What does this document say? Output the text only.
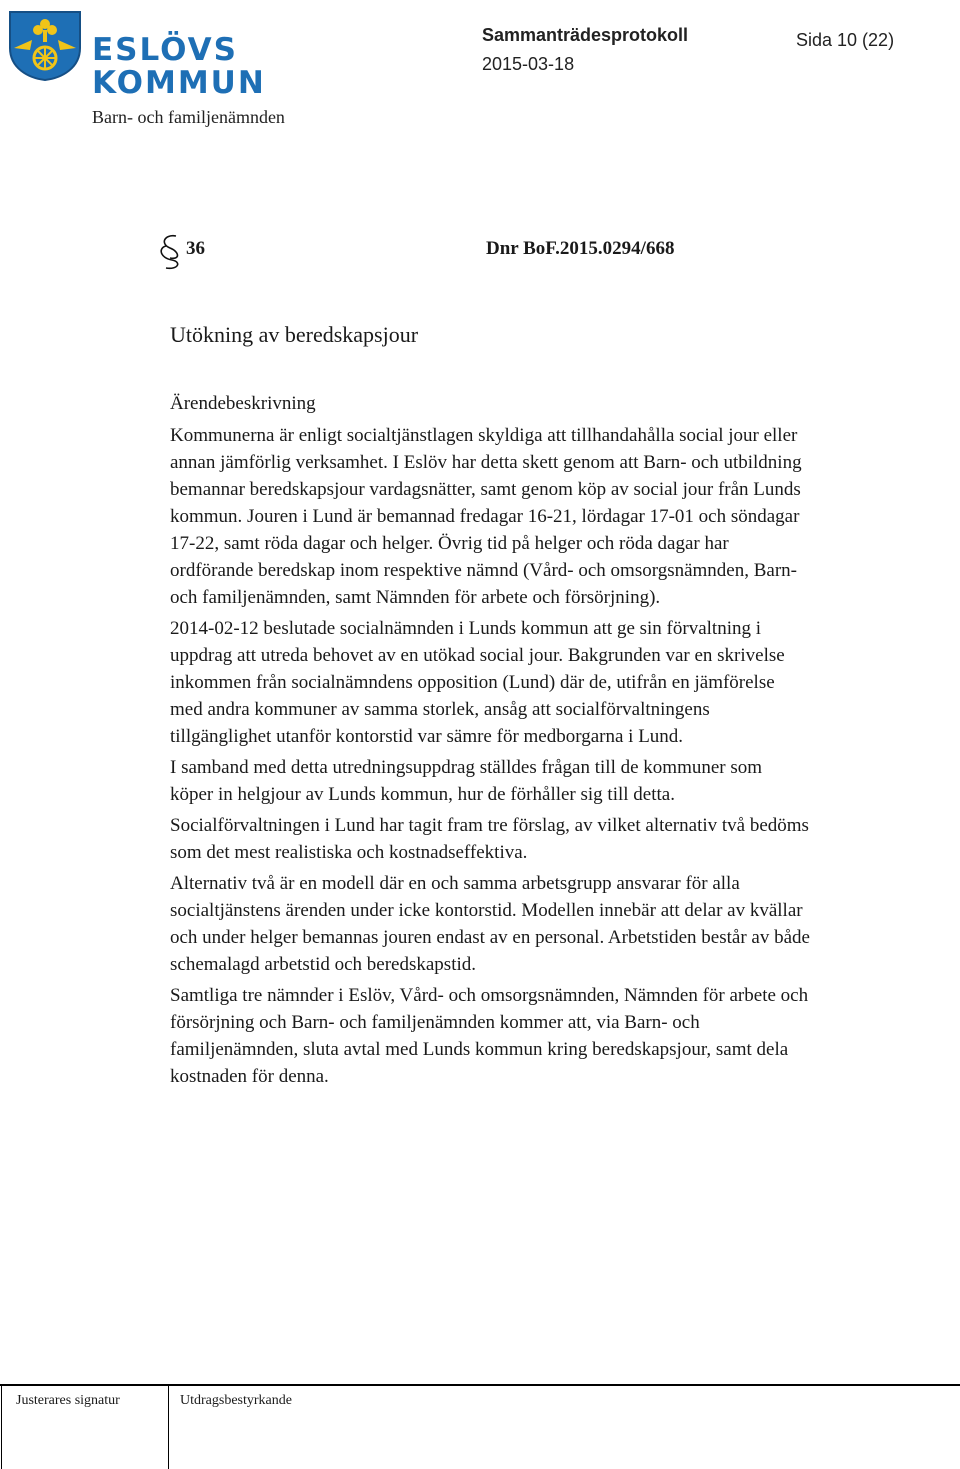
ESLÖVS
KOMMUN
Barn- och familjenämnden
Sammanträdesprotokoll	Sida 10 (22)
2015-03-18
36	Dnr BoF.2015.0294/668
Utökning av beredskapsjour
Ärendebeskrivning

Kommunerna är enligt socialtjänstlagen skyldiga att tillhandahålla social jour eller annan jämförlig verksamhet. I Eslöv har detta skett genom att Barn- och utbildning bemannar beredskapsjour vardagsnätter, samt genom köp av social jour från Lunds kommun. Jouren i Lund är bemannad fredagar 16-21, lördagar 17-01 och söndagar 17-22, samt röda dagar och helger. Övrig tid på helger och röda dagar har ordförande beredskap inom respektive nämnd (Vård- och omsorgsnämnden, Barn- och familjenämnden, samt Nämnden för arbete och försörjning).

2014-02-12 beslutade socialnämnden i Lunds kommun att ge sin förvaltning i uppdrag att utreda behovet av en utökad social jour. Bakgrunden var en skrivelse inkommen från socialnämndens opposition (Lund) där de, utifrån en jämförelse med andra kommuner av samma storlek, ansåg att socialförvaltningens tillgänglighet utanför kontorstid var sämre för medborgarna i Lund.

I samband med detta utredningsuppdrag ställdes frågan till de kommuner som köper in helgjour av Lunds kommun, hur de förhåller sig till detta.

Socialförvaltningen i Lund har tagit fram tre förslag, av vilket alternativ två bedöms som det mest realistiska och kostnadseffektiva.

Alternativ två är en modell där en och samma arbetsgrupp ansvarar för alla socialtjänstens ärenden under icke kontorstid. Modellen innebär att delar av kvällar och under helger bemannas jouren endast av en personal. Arbetstiden består av både schemalagd arbetstid och beredskapstid.

Samtliga tre nämnder i Eslöv, Vård- och omsorgsnämnden, Nämnden för arbete och försörjning och Barn- och familjenämnden kommer att, via Barn- och familjenämnden, sluta avtal med Lunds kommun kring beredskapsjour, samt dela kostnaden för denna.

Justerares signatur	Utdragsbestyrkande
